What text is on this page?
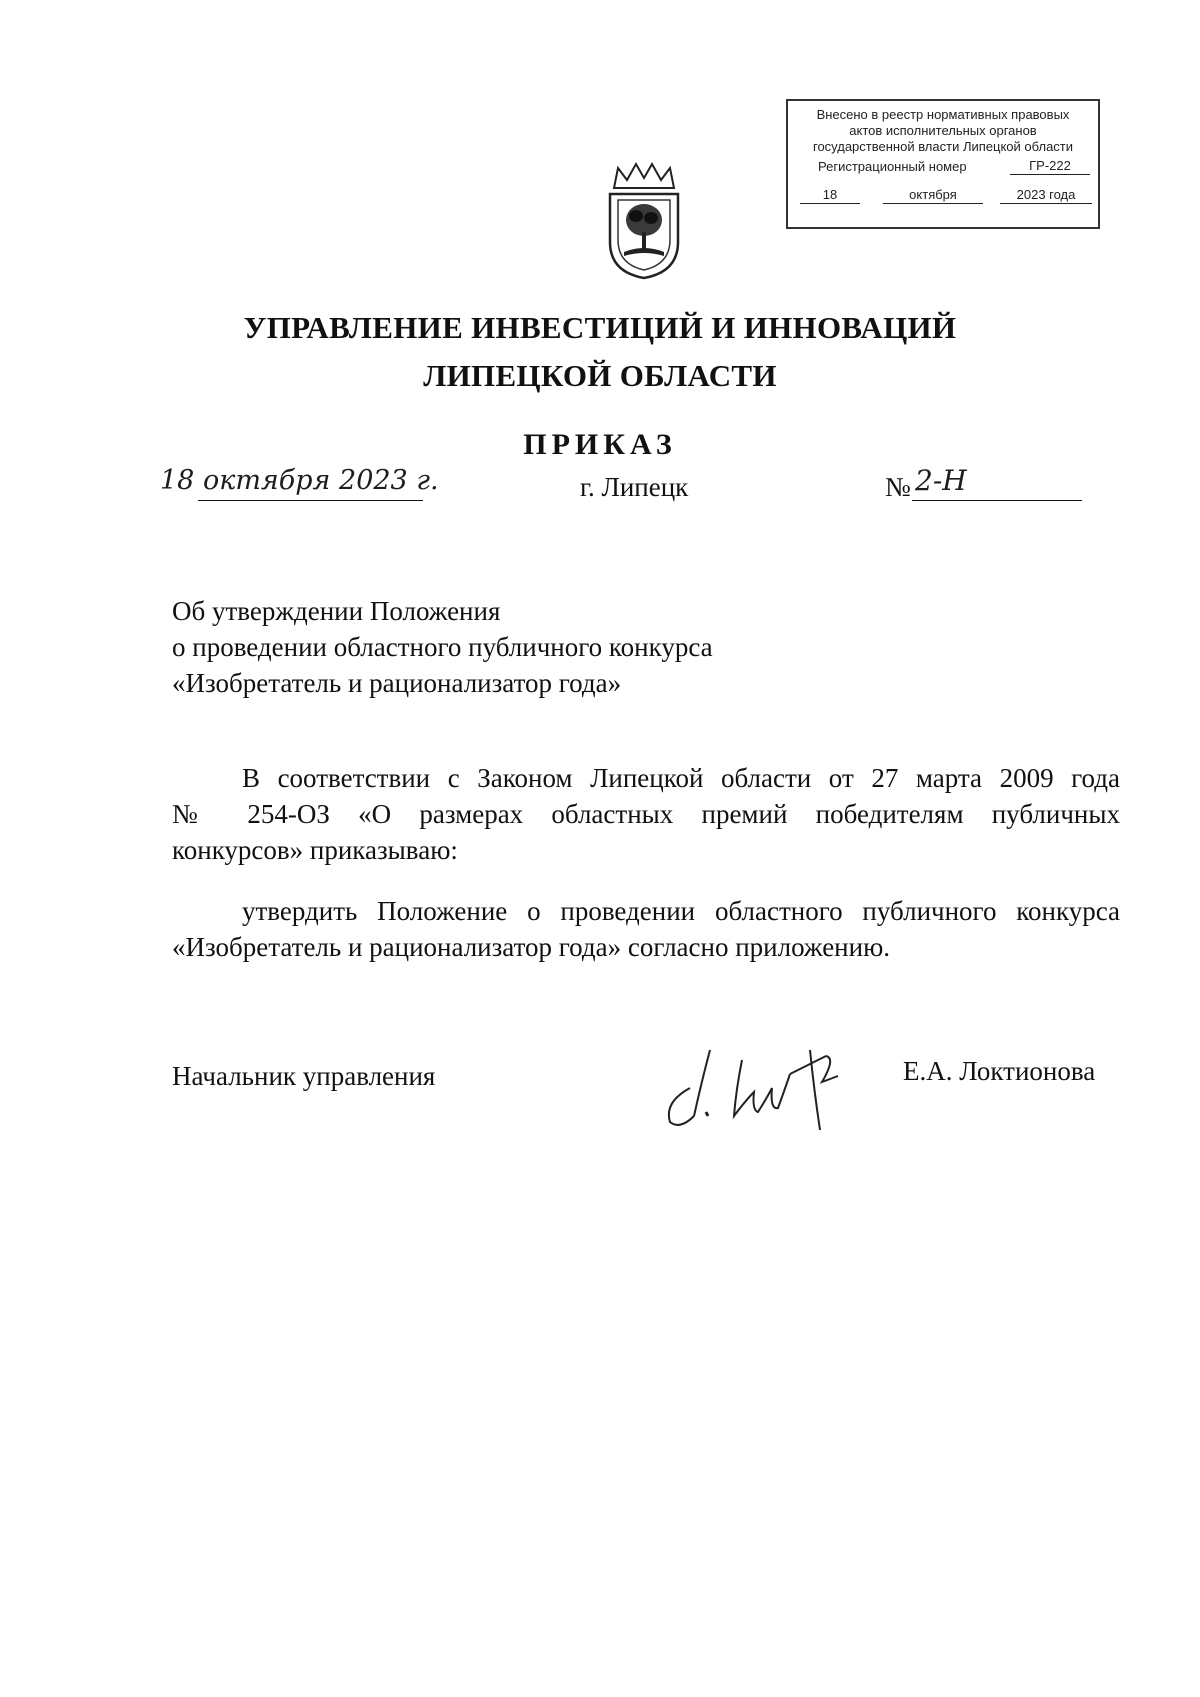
Внесено в реестр нормативных правовых
актов исполнительных органов
государственной власти Липецкой области
Регистрационный номер	ГР-222
18	октября	2023 года
УПРАВЛЕНИЕ ИНВЕСТИЦИЙ И ИННОВАЦИЙ
ЛИПЕЦКОЙ ОБЛАСТИ
ПРИКАЗ
18 октября 2023 г.	г. Липецк	№ 2-Н
Об утверждении Положения
о проведении областного публичного конкурса
«Изобретатель и рационализатор года»
В соответствии с Законом Липецкой области от 27 марта 2009 года
№ 254-ОЗ «О размерах областных премий победителям публичных
конкурсов» приказываю:
утвердить Положение о проведении областного публичного конкурса
«Изобретатель и рационализатор года» согласно приложению.
Начальник управления	Е.А. Локтионова
